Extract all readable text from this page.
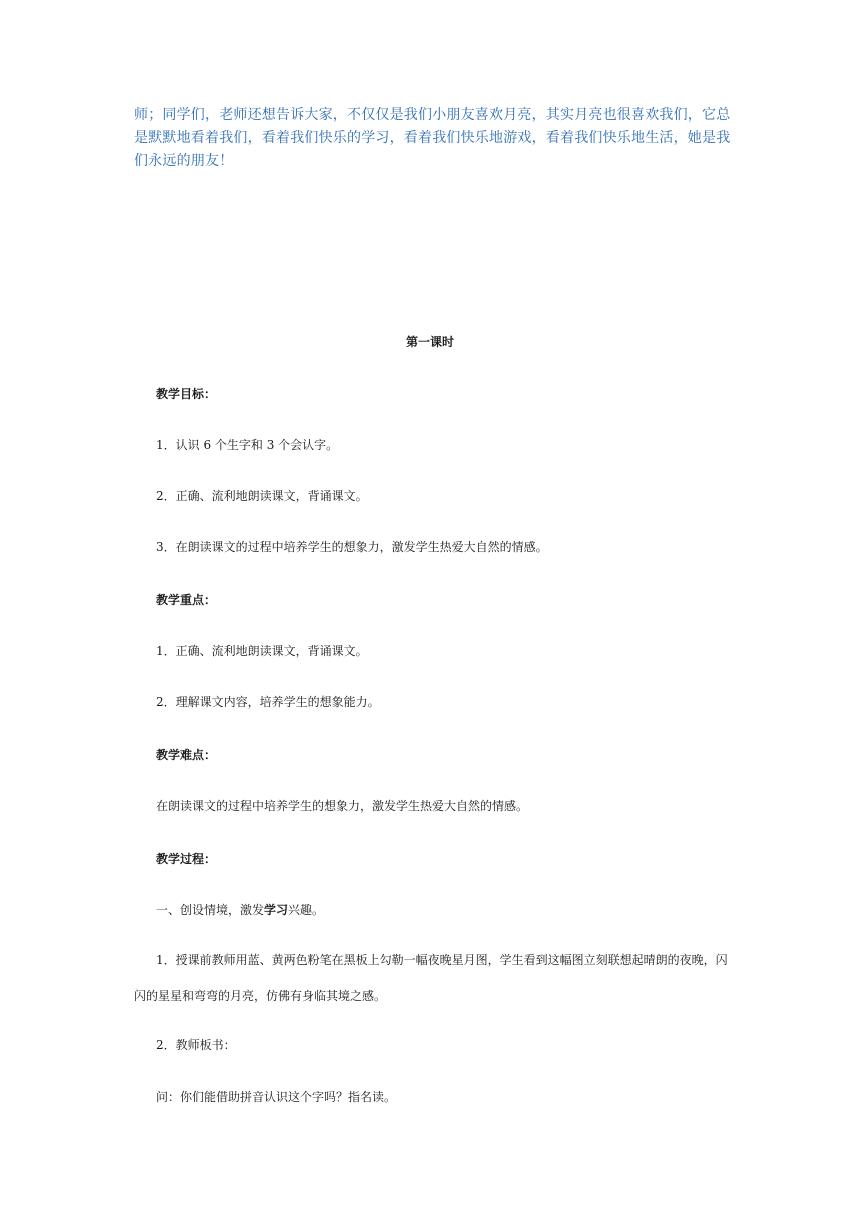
师；同学们，老师还想告诉大家，不仅仅是我们小朋友喜欢月亮，其实月亮也很喜欢我们，它总是默默地看着我们，看着我们快乐的学习，看着我们快乐地游戏，看着我们快乐地生活，她是我们永远的朋友！
第一课时
教学目标：
1．认识 6 个生字和 3 个会认字。
2．正确、流利地朗读课文，背诵课文。
3．在朗读课文的过程中培养学生的想象力，激发学生热爱大自然的情感。
教学重点：
1．正确、流利地朗读课文，背诵课文。
2．理解课文内容，培养学生的想象能力。
教学难点：
在朗读课文的过程中培养学生的想象力，激发学生热爱大自然的情感。
教学过程：
一、创设情境，激发学习兴趣。
1．授课前教师用蓝、黄两色粉笔在黑板上勾勒一幅夜晚星月图，学生看到这幅图立刻联想起晴朗的夜晚，闪闪的星星和弯弯的月亮，仿佛有身临其境之感。
2．教师板书：
问：你们能借助拼音认识这个字吗？指名读。
